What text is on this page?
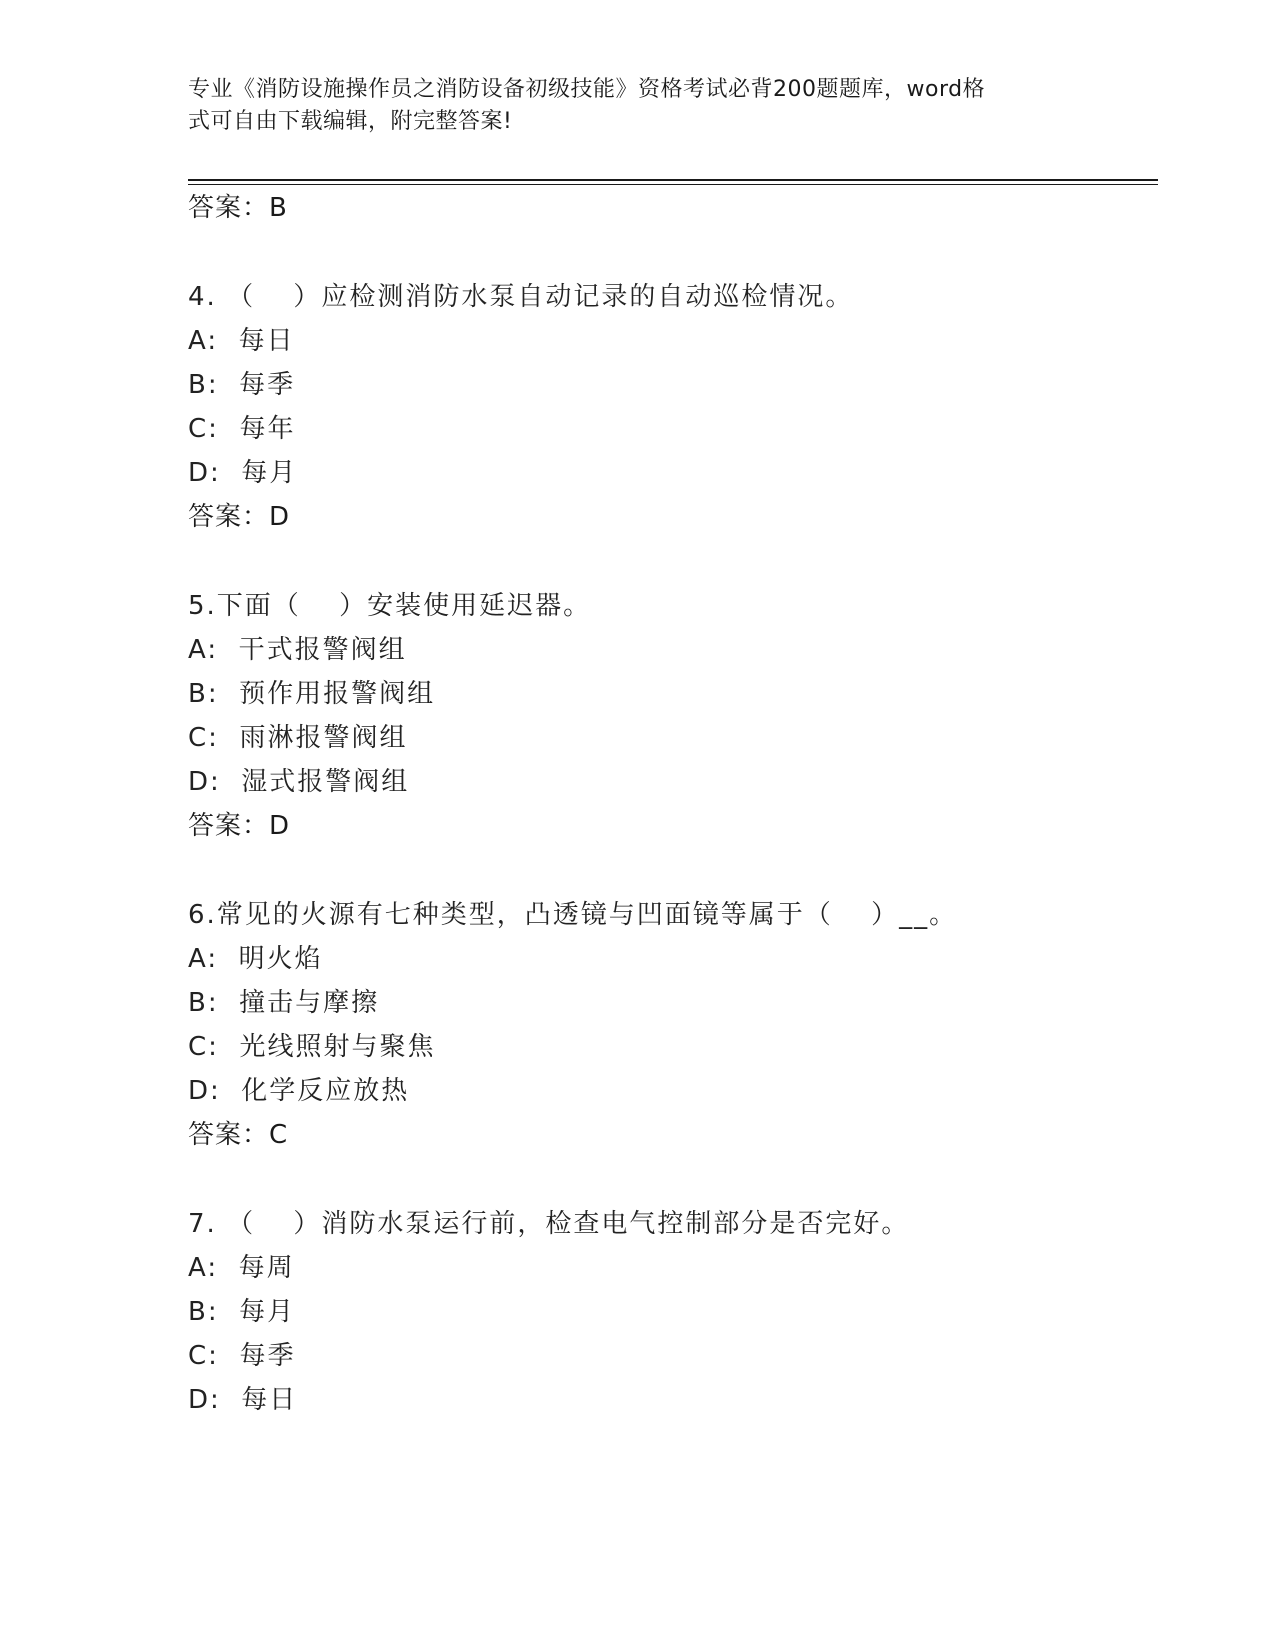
专业《消防设施操作员之消防设备初级技能》资格考试必背200题题库，word格
式可自由下载编辑，附完整答案!
答案：B
4. （　 ）应检测消防水泵自动记录的自动巡检情况。
A:  每日
B:  每季
C:  每年
D:  每月
答案：D
5.下面（　 ）安装使用延迟器。
A:  干式报警阀组
B:  预作用报警阀组
C:  雨淋报警阀组
D:  湿式报警阀组
答案：D
6.常见的火源有七种类型，凸透镜与凹面镜等属于（　 ）__。
A:  明火焰
B:  撞击与摩擦
C:  光线照射与聚焦
D:  化学反应放热
答案：C
7. （　 ）消防水泵运行前，检查电气控制部分是否完好。
A:  每周
B:  每月
C:  每季
D:  每日
